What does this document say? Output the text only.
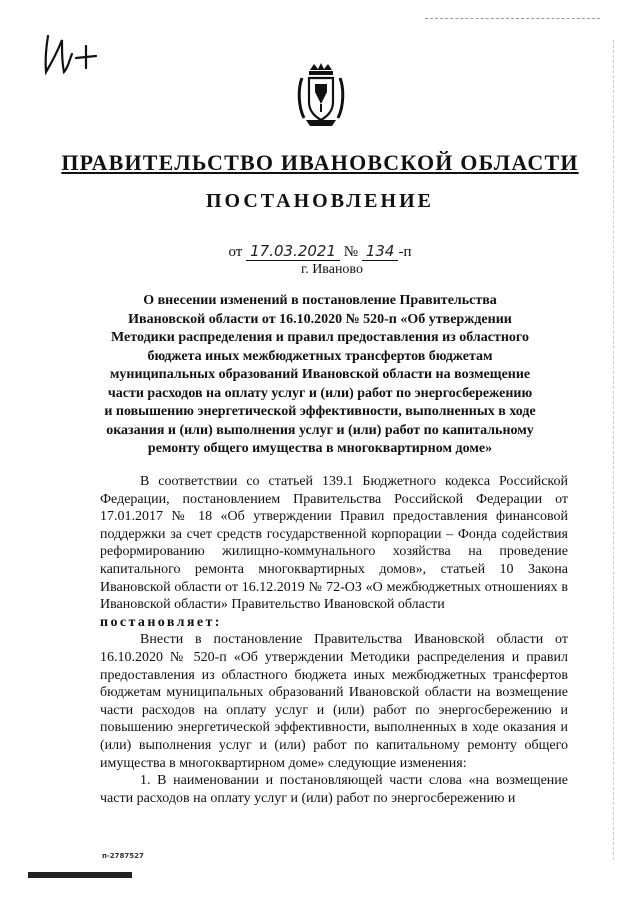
ПРАВИТЕЛЬСТВО ИВАНОВСКОЙ ОБЛАСТИ
ПОСТАНОВЛЕНИЕ
от 17.03.2021 № 134 -п
г. Иваново
О внесении изменений в постановление Правительства
Ивановской области от 16.10.2020 № 520-п «Об утверждении
Методики распределения и правил предоставления из областного
бюджета иных межбюджетных трансфертов бюджетам
муниципальных образований Ивановской области на возмещение
части расходов на оплату услуг и (или) работ по энергосбережению
и повышению энергетической эффективности, выполненных в ходе
оказания и (или) выполнения услуг и (или) работ по капитальному
ремонту общего имущества в многоквартирном доме»

В соответствии со статьей 139.1 Бюджетного кодекса Российской Федерации, постановлением Правительства Российской Федерации от 17.01.2017 № 18 «Об утверждении Правил предоставления финансовой поддержки за счет средств государственной корпорации – Фонда содействия реформированию жилищно-коммунального хозяйства на проведение капитального ремонта многоквартирных домов», статьей 10 Закона Ивановской области от 16.12.2019 № 72-ОЗ «О межбюджетных отношениях в Ивановской области» Правительство Ивановской области

постановляет:

Внести в постановление Правительства Ивановской области от 16.10.2020 № 520-п «Об утверждении Методики распределения и правил предоставления из областного бюджета иных межбюджетных трансфертов бюджетам муниципальных образований Ивановской области на возмещение части расходов на оплату услуг и (или) работ по энергосбережению и повышению энергетической эффективности, выполненных в ходе оказания и (или) выполнения услуг и (или) работ по капитальному ремонту общего имущества в многоквартирном доме» следующие изменения:

1. В наименовании и постановляющей части слова «на возмещение части расходов на оплату услуг и (или) работ по энергосбережению и

п-2787527
